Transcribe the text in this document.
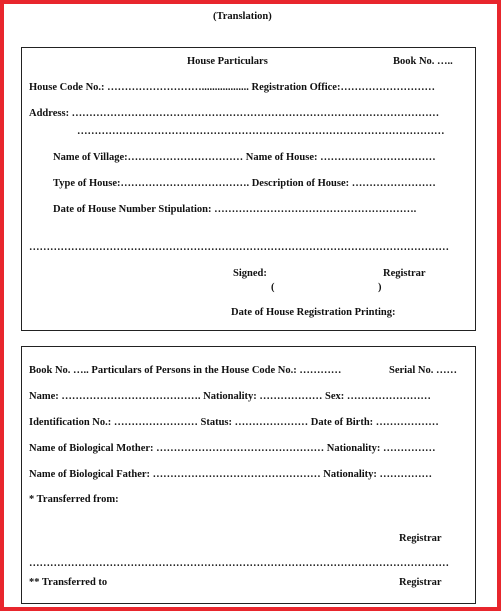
(Translation)
House Particulars	Book No. …..
House Code No.: ……………………….................. Registration Office:………………………
Address: ……………………………………………………………………………………………
……………………………………………………………………………………………
Name of Village:…………………………… Name of House: ……………………………
Type of House:………………………………. Description of House: ……………………
Date of House Number Stipulation: ………………………………………………….
…………………………………………………………………………………………………………
Signed:	Registrar
(	)
Date of House Registration Printing:
Book No. ….. Particulars of Persons in the House Code No.: …………	Serial No. ……
Name: …………………………………. Nationality: ……………… Sex: ……………………
Identification No.: …………………… Status: ………………… Date of Birth: ………………
Name of Biological Mother: ………………………………………… Nationality: ……………
Name of Biological Father: ………………………………………… Nationality: ……………
* Transferred from:
Registrar
…………………………………………………………………………………………………………
** Transferred to	Registrar
